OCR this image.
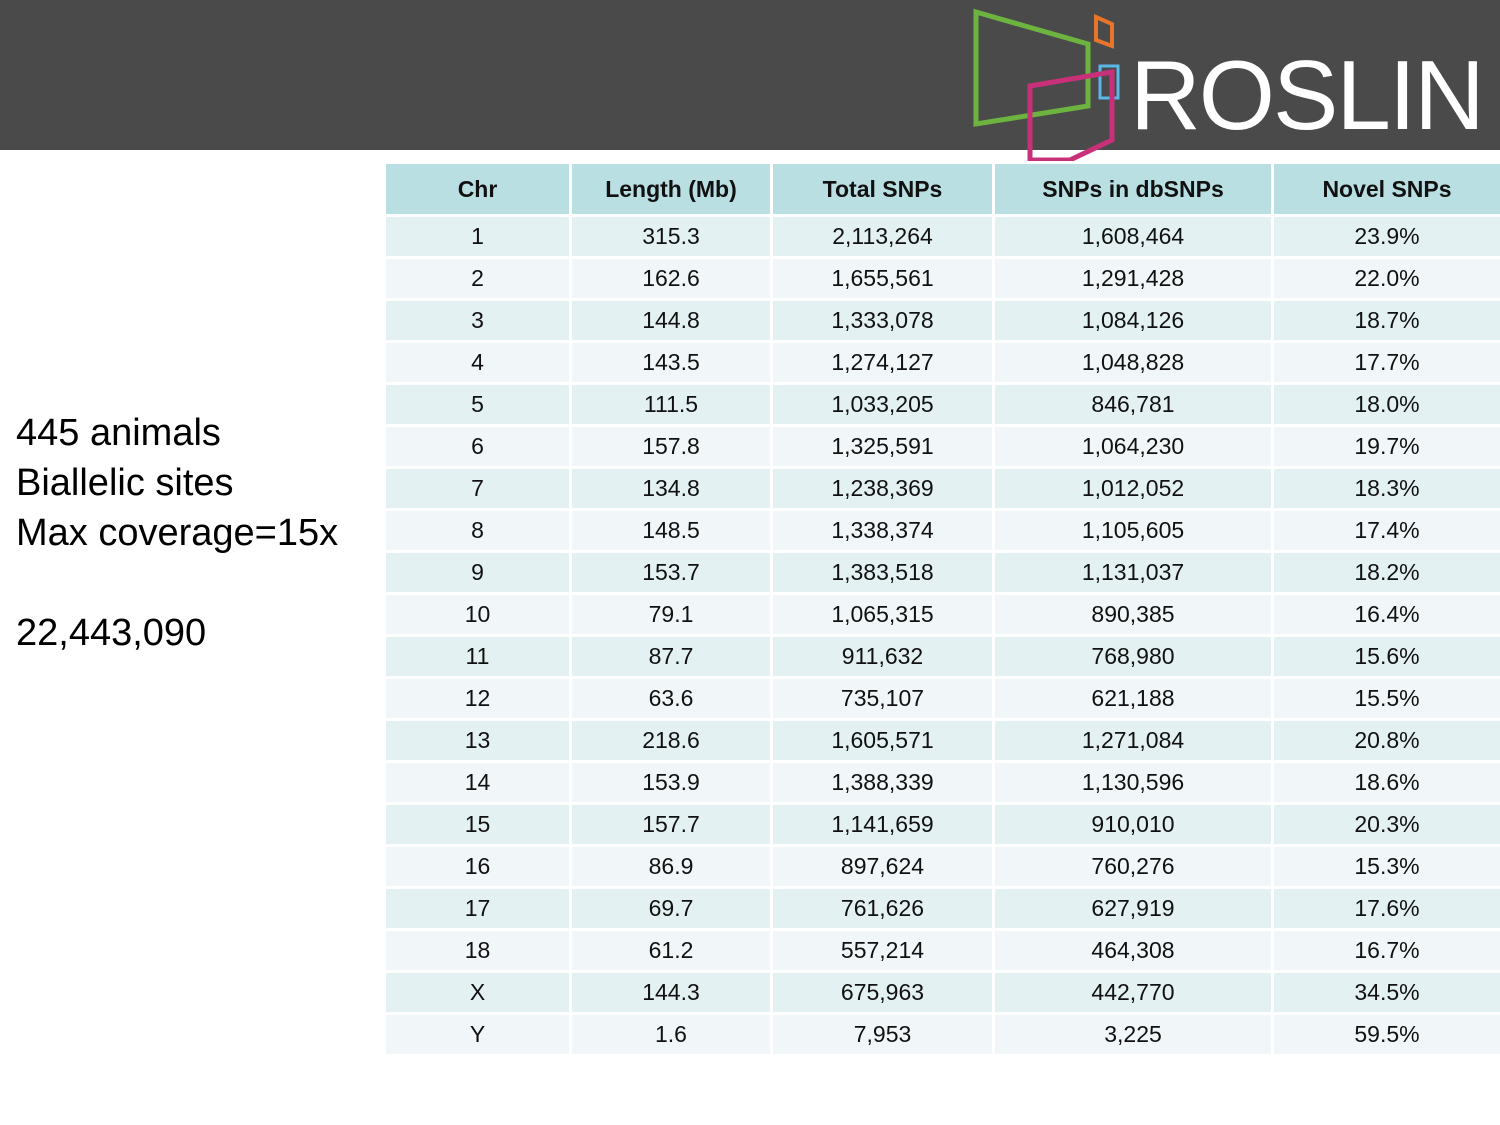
ROSLIN
445 animals
Biallelic sites
Max coverage=15x
22,443,090
Chr	Length (Mb)	Total SNPs	SNPs in dbSNPs	Novel SNPs
1	315.3	2,113,264	1,608,464	23.9%
2	162.6	1,655,561	1,291,428	22.0%
3	144.8	1,333,078	1,084,126	18.7%
4	143.5	1,274,127	1,048,828	17.7%
5	111.5	1,033,205	846,781	18.0%
6	157.8	1,325,591	1,064,230	19.7%
7	134.8	1,238,369	1,012,052	18.3%
8	148.5	1,338,374	1,105,605	17.4%
9	153.7	1,383,518	1,131,037	18.2%
10	79.1	1,065,315	890,385	16.4%
11	87.7	911,632	768,980	15.6%
12	63.6	735,107	621,188	15.5%
13	218.6	1,605,571	1,271,084	20.8%
14	153.9	1,388,339	1,130,596	18.6%
15	157.7	1,141,659	910,010	20.3%
16	86.9	897,624	760,276	15.3%
17	69.7	761,626	627,919	17.6%
18	61.2	557,214	464,308	16.7%
X	144.3	675,963	442,770	34.5%
Y	1.6	7,953	3,225	59.5%
